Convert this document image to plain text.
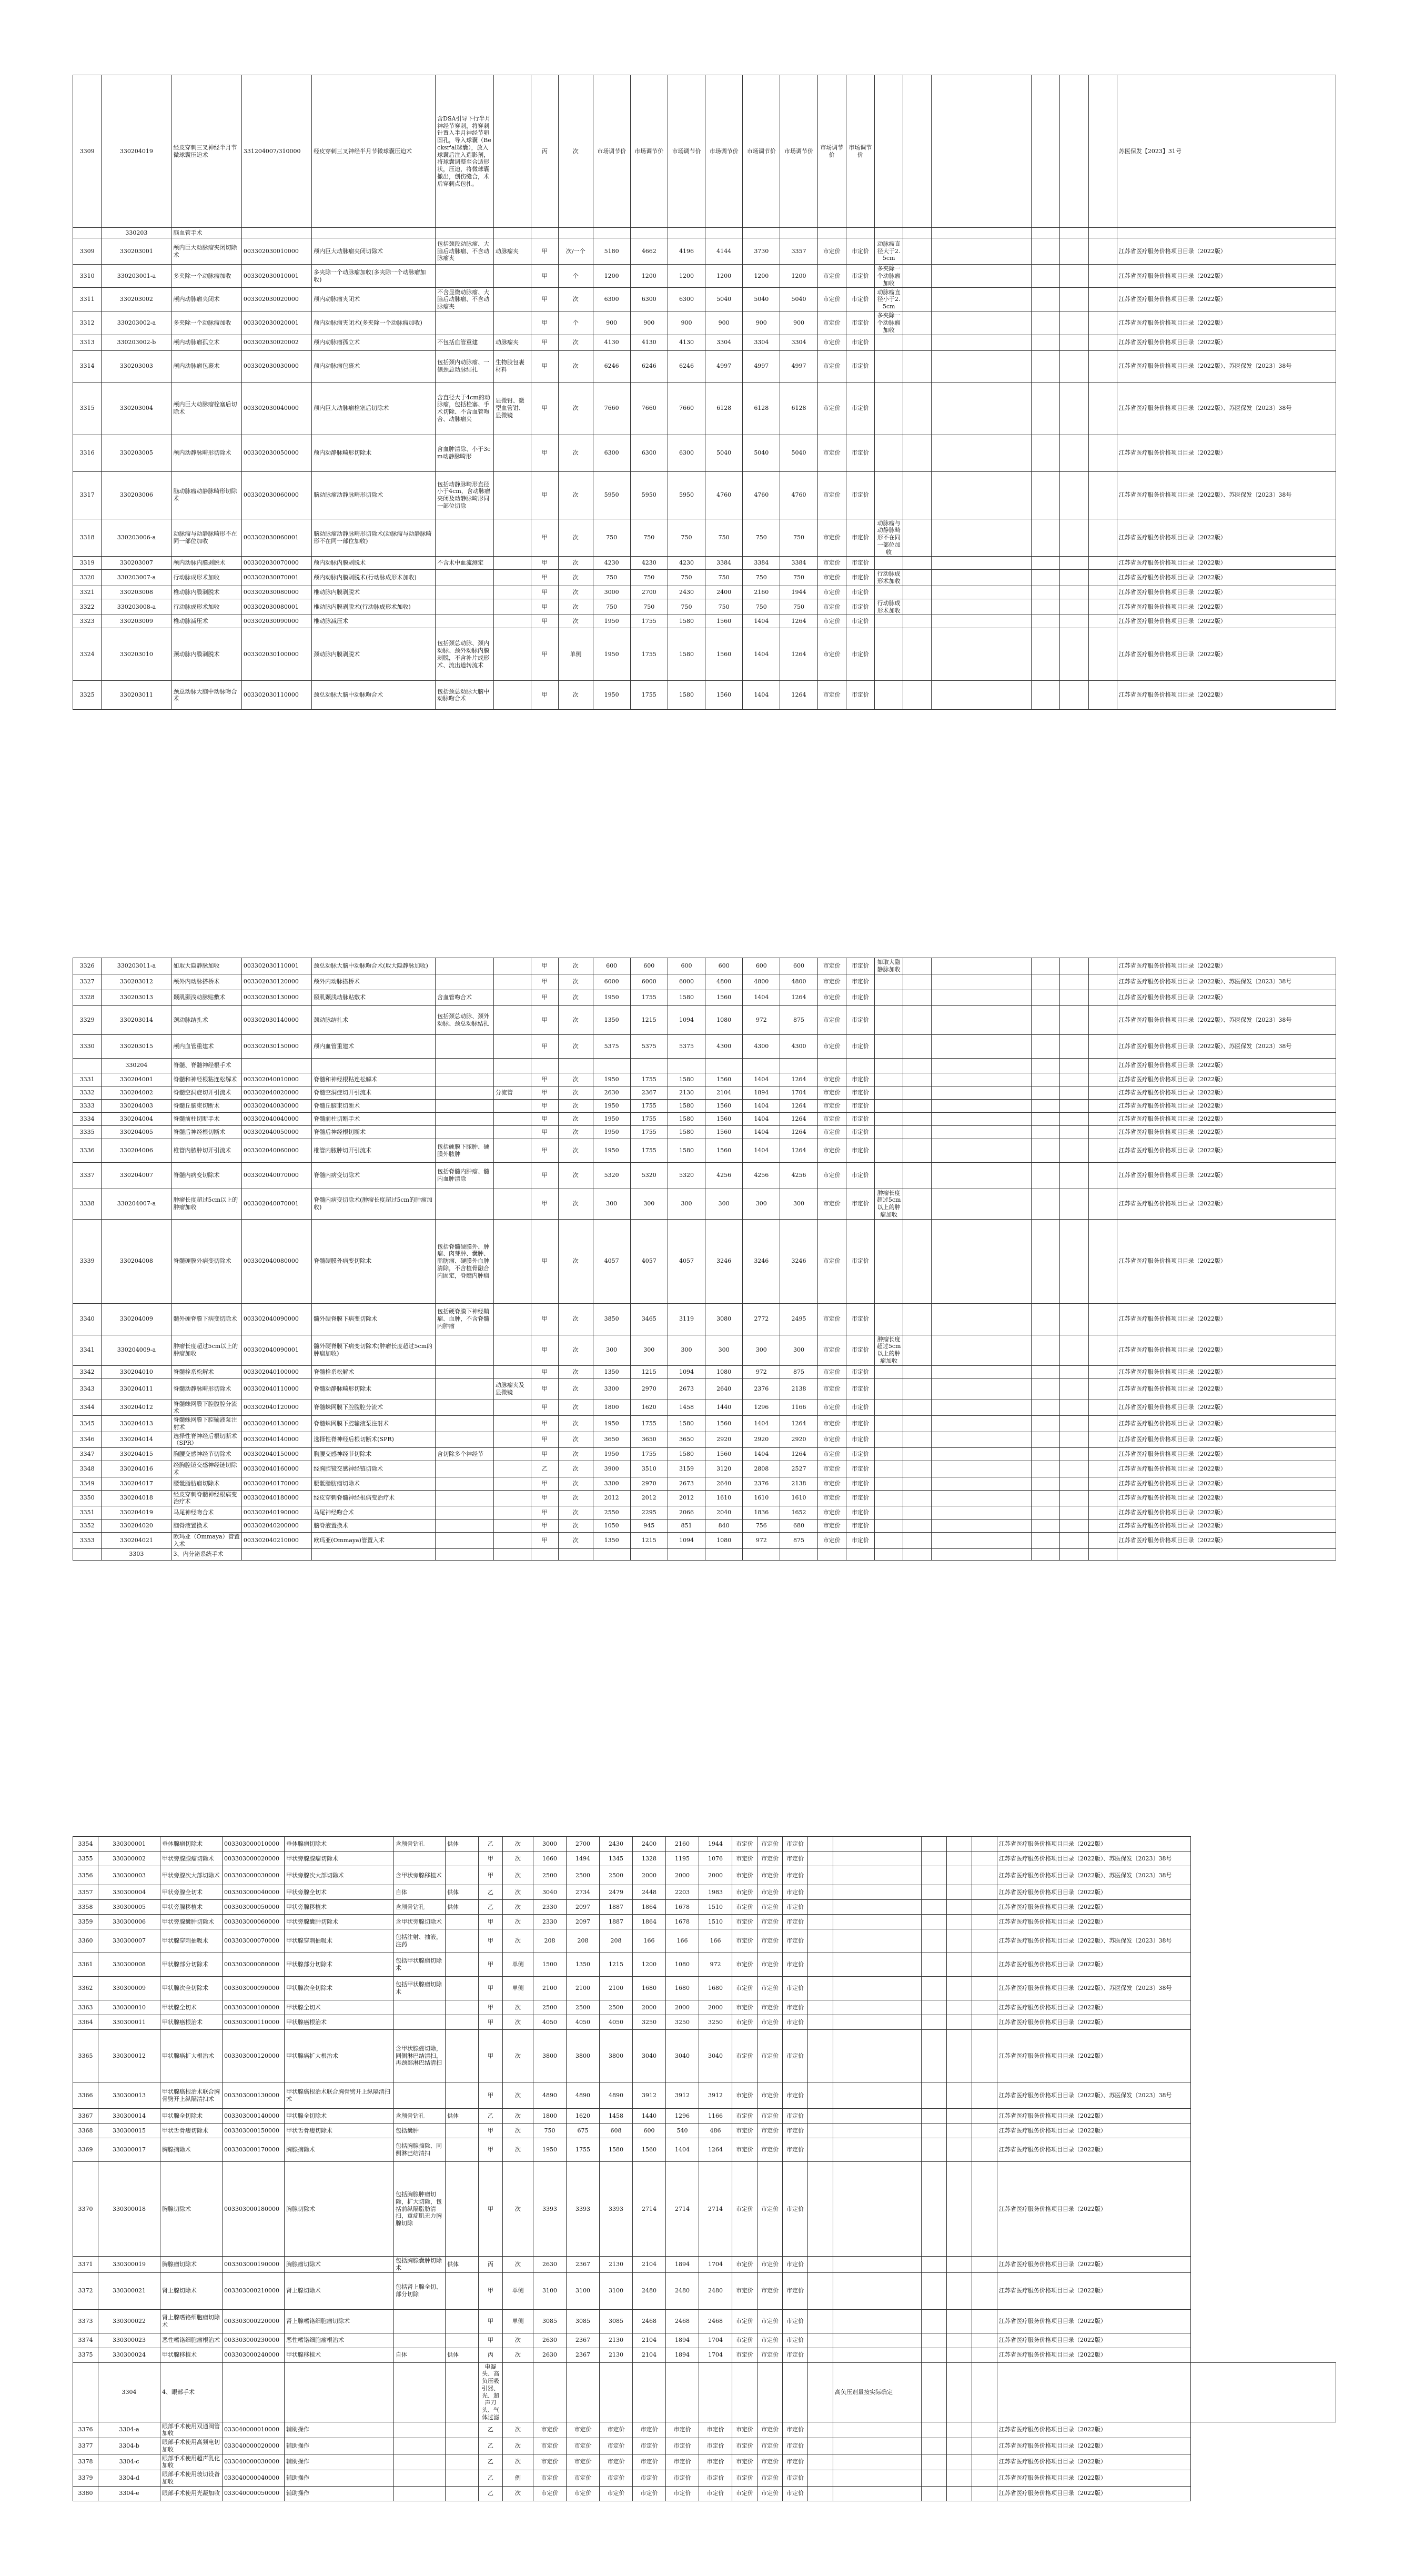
3309	330204019	经皮穿刺三叉神经半月节微球囊压迫术	331204007/310000	经皮穿刺三叉神经半月节微球囊压迫术	含DSA引导下行半月神经节穿刺，将穿刺针置入半月神经节卵圆孔，导入球囊（Becksr'al球囊），放入球囊后注入造影剂，将球囊调整至合适形状，压迫，将微球囊撤出，创伤缝合，术后穿刺点包扎。		丙	次	市场调节价	市场调节价	市场调节价	市场调节价	市场调节价	市场调节价	市场调节价	市场调节价							苏医保发【2023】31号
	330203	脑血管手术																					
3309	330203001	颅内巨大动脉瘤夹闭切除术	003302030010000	颅内巨大动脉瘤夹闭切除术	包括颈段动脉瘤、大脑后动脉瘤、不含动脉瘤夹	动脉瘤夹	甲	次/一个	5180	4662	4196	4144	3730	3357	市定价	市定价	动脉瘤直径大于2.5cm						江苏省医疗服务价格项目目录（2022版）
3310	330203001-a	多夹除一个动脉瘤加收	003302030010001	多夹除一个动脉瘤加收(多夹除一个动脉瘤加收)			甲	个	1200	1200	1200	1200	1200	1200	市定价	市定价	多夹除一个动脉瘤加收						江苏省医疗服务价格项目目录（2022版）
3311	330203002	颅内动脉瘤夹闭术	003302030020000	颅内动脉瘤夹闭术	不含显微动脉瘤、大脑后动脉瘤、不含动脉瘤夹		甲	次	6300	6300	6300	5040	5040	5040	市定价	市定价	动脉瘤直径小于2.5cm						江苏省医疗服务价格项目目录（2022版）
3312	330203002-a	多夹除一个动脉瘤加收	003302030020001	颅内动脉瘤夹闭术(多夹除一个动脉瘤加收)			甲	个	900	900	900	900	900	900	市定价	市定价	多夹除一个动脉瘤加收						江苏省医疗服务价格项目目录（2022版）
3313	330203002-b	颅内动脉瘤孤立术	003302030020002	颅内动脉瘤孤立术	不包括血管重建	动脉瘤夹	甲	次	4130	4130	4130	3304	3304	3304	市定价	市定价							江苏省医疗服务价格项目目录（2022版）
3314	330203003	颅内动脉瘤包裹术	003302030030000	颅内动脉瘤包裹术	包括颈内动脉瘤、一侧颈总动脉结扎	生物胶包裹材料	甲	次	6246	6246	6246	4997	4997	4997	市定价	市定价							江苏省医疗服务价格项目目录（2022版）、苏医保发〔2023〕38号
3315	330203004	颅内巨大动脉瘤栓塞后切除术	003302030040000	颅内巨大动脉瘤栓塞后切除术	含直径大于4cm的动脉瘤，包括栓塞、手术切除、不含血管吻合、动脉瘤夹	显微钳、微型血管钳、显微镜	甲	次	7660	7660	7660	6128	6128	6128	市定价	市定价							江苏省医疗服务价格项目目录（2022版）、苏医保发〔2023〕38号
3316	330203005	颅内动静脉畸形切除术	003302030050000	颅内动静脉畸形切除术	含血肿清除、小于3cm动静脉畸形		甲	次	6300	6300	6300	5040	5040	5040	市定价	市定价							江苏省医疗服务价格项目目录（2022版）
3317	330203006	脑动脉瘤动静脉畸形切除术	003302030060000	脑动脉瘤动静脉畸形切除术	包括动静脉畸形直径小于4cm，含动脉瘤夹闭及动静脉畸形同一部位切除		甲	次	5950	5950	5950	4760	4760	4760	市定价	市定价							江苏省医疗服务价格项目目录（2022版）、苏医保发〔2023〕38号
3318	330203006-a	动脉瘤与动静脉畸形不在同一部位加收	003302030060001	脑动脉瘤动静脉畸形切除术(动脉瘤与动静脉畸形不在同一部位加收)			甲	次	750	750	750	750	750	750	市定价	市定价	动脉瘤与动静脉畸形不在同一部位加收						江苏省医疗服务价格项目目录（2022版）
3319	330203007	颅内动脉内膜剥脱术	003302030070000	颅内动脉内膜剥脱术	不含术中血流测定		甲	次	4230	4230	4230	3384	3384	3384	市定价	市定价							江苏省医疗服务价格项目目录（2022版）
3320	330203007-a	行动脉成形术加收	003302030070001	颅内动脉内膜剥脱术(行动脉成形术加收)			甲	次	750	750	750	750	750	750	市定价	市定价	行动脉成形术加收						江苏省医疗服务价格项目目录（2022版）
3321	330203008	椎动脉内膜剥脱术	003302030080000	椎动脉内膜剥脱术			甲	次	3000	2700	2430	2400	2160	1944	市定价	市定价							江苏省医疗服务价格项目目录（2022版）
3322	330203008-a	行动脉成形术加收	003302030080001	椎动脉内膜剥脱术(行动脉成形术加收)			甲	次	750	750	750	750	750	750	市定价	市定价	行动脉成形术加收						江苏省医疗服务价格项目目录（2022版）
3323	330203009	椎动脉减压术	003302030090000	椎动脉减压术			甲	次	1950	1755	1580	1560	1404	1264	市定价	市定价							江苏省医疗服务价格项目目录（2022版）
3324	330203010	颈动脉内膜剥脱术	003302030100000	颈动脉内膜剥脱术	包括颈总动脉、颈内动脉、颈外动脉内膜剥脱，不含补片成形术、流出道转流术		甲	单侧	1950	1755	1580	1560	1404	1264	市定价	市定价							江苏省医疗服务价格项目目录（2022版）
3325	330203011	颈总动脉大脑中动脉吻合术	003302030110000	颈总动脉大脑中动脉吻合术	包括颈总动脉大脑中动脉吻合术		甲	次	1950	1755	1580	1560	1404	1264	市定价	市定价							江苏省医疗服务价格项目目录（2022版）
3326	330203011-a	如取大隐静脉加收	003302030110001	颈总动脉大脑中动脉吻合术(取大隐静脉加收)			甲	次	600	600	600	600	600	600	市定价	市定价	如取大隐静脉加收						江苏省医疗服务价格项目目录（2022版）
3327	330203012	颅外内动脉搭桥术	003302030120000	颅外内动脉搭桥术			甲	次	6000	6000	6000	4800	4800	4800	市定价	市定价							江苏省医疗服务价格项目目录（2022版）、苏医保发〔2023〕38号
3328	330203013	颞肌颞浅动脉贴敷术	003302030130000	颞肌颞浅动脉贴敷术	含血管吻合术		甲	次	1950	1755	1580	1560	1404	1264	市定价	市定价							江苏省医疗服务价格项目目录（2022版）
3329	330203014	颈动脉结扎术	003302030140000	颈动脉结扎术	包括颈总动脉、颈外动脉、颈总动脉结扎		甲	次	1350	1215	1094	1080	972	875	市定价	市定价							江苏省医疗服务价格项目目录（2022版）、苏医保发〔2023〕38号
3330	330203015	颅内血管重建术	003302030150000	颅内血管重建术			甲	次	5375	5375	5375	4300	4300	4300	市定价	市定价							江苏省医疗服务价格项目目录（2022版）、苏医保发〔2023〕38号
	330204	脊髓、脊髓神经根手术																					江苏省医疗服务价格项目目录（2022版）
3331	330204001	脊髓和神经根粘连松解术	003302040010000	脊髓和神经根粘连松解术			甲	次	1950	1755	1580	1560	1404	1264	市定价	市定价							江苏省医疗服务价格项目目录（2022版）
3332	330204002	脊髓空洞症切开引流术	003302040020000	脊髓空洞症切开引流术		分流管	甲	次	2630	2367	2130	2104	1894	1704	市定价	市定价							江苏省医疗服务价格项目目录（2022版）
3333	330204003	脊髓丘脑束切断术	003302040030000	脊髓丘脑束切断术			甲	次	1950	1755	1580	1560	1404	1264	市定价	市定价							江苏省医疗服务价格项目目录（2022版）
3334	330204004	脊髓前柱切断手术	003302040040000	脊髓前柱切断手术			甲	次	1950	1755	1580	1560	1404	1264	市定价	市定价							江苏省医疗服务价格项目目录（2022版）
3335	330204005	脊髓后神经根切断术	003302040050000	脊髓后神经根切断术			甲	次	1950	1755	1580	1560	1404	1264	市定价	市定价							江苏省医疗服务价格项目目录（2022版）
3336	330204006	椎管内脓肿切开引流术	003302040060000	椎管内脓肿切开引流术	包括硬膜下脓肿、硬膜外脓肿		甲	次	1950	1755	1580	1560	1404	1264	市定价	市定价							江苏省医疗服务价格项目目录（2022版）
3337	330204007	脊髓内病变切除术	003302040070000	脊髓内病变切除术	包括脊髓内肿瘤、髓内血肿清除		甲	次	5320	5320	5320	4256	4256	4256	市定价	市定价							江苏省医疗服务价格项目目录（2022版）
3338	330204007-a	肿瘤长度超过5cm以上的肿瘤加收	003302040070001	脊髓内病变切除术(肿瘤长度超过5cm的肿瘤加收)			甲	次	300	300	300	300	300	300	市定价	市定价	肿瘤长度超过5cm以上的肿瘤加收						江苏省医疗服务价格项目目录（2022版）
3339	330204008	脊髓硬膜外病变切除术	003302040080000	脊髓硬膜外病变切除术	包括脊髓硬膜外、肿瘤、肉芽肿、囊肿、脂肪瘤、硬膜外血肿清除，不含植骨融合内固定，脊髓内肿瘤		甲	次	4057	4057	4057	3246	3246	3246	市定价	市定价							江苏省医疗服务价格项目目录（2022版）
3340	330204009	髓外硬脊膜下病变切除术	003302040090000	髓外硬脊膜下病变切除术	包括硬脊膜下神经鞘瘤、血肿，不含脊髓内肿瘤		甲	次	3850	3465	3119	3080	2772	2495	市定价	市定价							江苏省医疗服务价格项目目录（2022版）
3341	330204009-a	肿瘤长度超过5cm以上的肿瘤加收	003302040090001	髓外硬脊膜下病变切除术(肿瘤长度超过5cm的肿瘤加收)			甲	次	300	300	300	300	300	300	市定价	市定价	肿瘤长度超过5cm以上的肿瘤加收						江苏省医疗服务价格项目目录（2022版）
3342	330204010	脊髓栓系松解术	003302040100000	脊髓栓系松解术			甲	次	1350	1215	1094	1080	972	875	市定价	市定价							江苏省医疗服务价格项目目录（2022版）
3343	330204011	脊髓动静脉畸形切除术	003302040110000	脊髓动静脉畸形切除术		动脉瘤夹及显微镜	甲	次	3300	2970	2673	2640	2376	2138	市定价	市定价							江苏省医疗服务价格项目目录（2022版）
3344	330204012	脊髓蛛网膜下腔腹腔分流术	003302040120000	脊髓蛛网膜下腔腹腔分流术			甲	次	1800	1620	1458	1440	1296	1166	市定价	市定价							江苏省医疗服务价格项目目录（2022版）
3345	330204013	脊髓蛛网膜下腔输液泵注射术	003302040130000	脊髓蛛网膜下腔输液泵注射术			甲	次	1950	1755	1580	1560	1404	1264	市定价	市定价							江苏省医疗服务价格项目目录（2022版）
3346	330204014	选择性脊神经后根切断术（SPR）	003302040140000	选择性脊神经后根切断术(SPR)			甲	次	3650	3650	3650	2920	2920	2920	市定价	市定价							江苏省医疗服务价格项目目录（2022版）
3347	330204015	胸腰交感神经节切除术	003302040150000	胸腰交感神经节切除术	含切除多个神经节		甲	次	1950	1755	1580	1560	1404	1264	市定价	市定价							江苏省医疗服务价格项目目录（2022版）
3348	330204016	经胸腔镜交感神经链切除术	003302040160000	经胸腔镜交感神经链切除术			乙	次	3900	3510	3159	3120	2808	2527	市定价	市定价							江苏省医疗服务价格项目目录（2022版）
3349	330204017	腰骶脂肪瘤切除术	003302040170000	腰骶脂肪瘤切除术			甲	次	3300	2970	2673	2640	2376	2138	市定价	市定价							江苏省医疗服务价格项目目录（2022版）
3350	330204018	经皮穿刺脊髓神经根病变治疗术	003302040180000	经皮穿刺脊髓神经根病变治疗术			甲	次	2012	2012	2012	1610	1610	1610	市定价	市定价							江苏省医疗服务价格项目目录（2022版）
3351	330204019	马尾神经吻合术	003302040190000	马尾神经吻合术			甲	次	2550	2295	2066	2040	1836	1652	市定价	市定价							江苏省医疗服务价格项目目录（2022版）
3352	330204020	脑脊液置换术	003302040200000	脑脊液置换术			甲	次	1050	945	851	840	756	680	市定价	市定价							江苏省医疗服务价格项目目录（2022版）
3353	330204021	欧玛亚（Ommaya）管置入术	003302040210000	欧玛亚(Ommaya)管置入术			甲	次	1350	1215	1094	1080	972	875	市定价	市定价							江苏省医疗服务价格项目目录（2022版）
	3303	3、内分泌系统手术																					
3354	330300001	垂体腺瘤切除术	003303000010000	垂体腺瘤切除术	含颅骨钻孔	供体	乙	次	3000	2700	2430	2400	2160	1944	市定价	市定价	市定价						江苏省医疗服务价格项目目录（2022版）	
3355	330300002	甲状旁腺腺瘤切除术	003303000020000	甲状旁腺腺瘤切除术			甲	次	1660	1494	1345	1328	1195	1076	市定价	市定价	市定价						江苏省医疗服务价格项目目录（2022版）、苏医保发〔2023〕38号	
3356	330300003	甲状旁腺次大部切除术	003303000030000	甲状旁腺次大部切除术	含甲状旁腺移植术		甲	次	2500	2500	2500	2000	2000	2000	市定价	市定价	市定价						江苏省医疗服务价格项目目录（2022版）、苏医保发〔2023〕38号	
3357	330300004	甲状旁腺全切术	003303000040000	甲状旁腺全切术	自体	供体	乙	次	3040	2734	2479	2448	2203	1983	市定价	市定价	市定价						江苏省医疗服务价格项目目录（2022版）	
3358	330300005	甲状旁腺移植术	003303000050000	甲状旁腺移植术	含颅骨钻孔	供体	乙	次	2330	2097	1887	1864	1678	1510	市定价	市定价	市定价						江苏省医疗服务价格项目目录（2022版）	
3359	330300006	甲状旁腺囊肿切除术	003303000060000	甲状旁腺囊肿切除术	含甲状旁腺切除术		甲	次	2330	2097	1887	1864	1678	1510	市定价	市定价	市定价						江苏省医疗服务价格项目目录（2022版）	
3360	330300007	甲状腺穿刺抽吸术	003303000070000	甲状腺穿刺抽吸术	包括注射、抽液，注药		甲	次	208	208	208	166	166	166	市定价	市定价	市定价						江苏省医疗服务价格项目目录（2022版）、苏医保发〔2023〕38号	
3361	330300008	甲状腺部分切除术	003303000080000	甲状腺部分切除术	包括甲状腺瘤切除术		甲	单侧	1500	1350	1215	1200	1080	972	市定价	市定价	市定价						江苏省医疗服务价格项目目录（2022版）	
3362	330300009	甲状腺次全切除术	003303000090000	甲状腺次全切除术	包括甲状腺瘤切除术		甲	单侧	2100	2100	2100	1680	1680	1680	市定价	市定价	市定价						江苏省医疗服务价格项目目录（2022版）、苏医保发〔2023〕38号	
3363	330300010	甲状腺全切术	003303000100000	甲状腺全切术			甲	次	2500	2500	2500	2000	2000	2000	市定价	市定价	市定价						江苏省医疗服务价格项目目录（2022版）	
3364	330300011	甲状腺癌根治术	003303000110000	甲状腺癌根治术			甲	次	4050	4050	4050	3250	3250	3250	市定价	市定价	市定价						江苏省医疗服务价格项目目录（2022版）	
3365	330300012	甲状腺癌扩大根治术	003303000120000	甲状腺癌扩大根治术	含甲状腺癌切除，同侧淋巴结清扫，再颈部淋巴结清扫		甲	次	3800	3800	3800	3040	3040	3040	市定价	市定价	市定价						江苏省医疗服务价格项目目录（2022版）	
3366	330300013	甲状腺癌根治术联合胸骨劈开上纵隔清扫术	003303000130000	甲状腺癌根治术联合胸骨劈开上纵隔清扫术			甲	次	4890	4890	4890	3912	3912	3912	市定价	市定价	市定价						江苏省医疗服务价格项目目录（2022版）、苏医保发〔2023〕38号	
3367	330300014	甲状腺全切除术	003303000140000	甲状腺全切除术	含颅骨钻孔	供体	乙	次	1800	1620	1458	1440	1296	1166	市定价	市定价	市定价						江苏省医疗服务价格项目目录（2022版）	
3368	330300015	甲状舌骨瘘切除术	003303000150000	甲状舌骨瘘切除术	包括囊肿		甲	次	750	675	608	600	540	486	市定价	市定价	市定价						江苏省医疗服务价格项目目录（2022版）	
3369	330300017	胸腺摘除术	003303000170000	胸腺摘除术	包括胸腺摘除、同侧淋巴结清扫		甲	次	1950	1755	1580	1560	1404	1264	市定价	市定价	市定价						江苏省医疗服务价格项目目录（2022版）	
3370	330300018	胸腺切除术	003303000180000	胸腺切除术	包括胸腺肿瘤切除，扩大切除，包括前纵隔脂肪清扫，重症肌无力胸腺切除		甲	次	3393	3393	3393	2714	2714	2714	市定价	市定价	市定价						江苏省医疗服务价格项目目录（2022版）	
3371	330300019	胸腺瘤切除术	003303000190000	胸腺瘤切除术	包括胸腺囊肿切除术	供体	丙	次	2630	2367	2130	2104	1894	1704	市定价	市定价	市定价						江苏省医疗服务价格项目目录（2022版）	
3372	330300021	肾上腺切除术	003303000210000	肾上腺切除术	包括肾上腺全切、部分切除		甲	单侧	3100	3100	3100	2480	2480	2480	市定价	市定价	市定价						江苏省医疗服务价格项目目录（2022版）	
3373	330300022	肾上腺嗜铬细胞瘤切除术	003303000220000	肾上腺嗜铬细胞瘤切除术			甲	单侧	3085	3085	3085	2468	2468	2468	市定价	市定价	市定价						江苏省医疗服务价格项目目录（2022版）	
3374	330300023	恶性嗜铬细胞瘤根治术	003303000230000	恶性嗜铬细胞瘤根治术			甲	次	2630	2367	2130	2104	1894	1704	市定价	市定价	市定价						江苏省医疗服务价格项目目录（2022版）	
3375	330300024	甲状腺移植术	003303000240000	甲状腺移植术	自体	供体	丙	次	2630	2367	2130	2104	1894	1704	市定价	市定价	市定价						江苏省医疗服务价格项目目录（2022版）	
	3304	4、眼部手术					电凝头、高负压吸引器、光、超声刀头、气体过滤												高负压剂量按实际确定					
3376	3304-a	眼部手术使用双通阀管加收	033040000010000	辅助操作			乙	次	市定价	市定价	市定价	市定价	市定价	市定价	市定价	市定价	市定价						江苏省医疗服务价格项目目录（2022版）	
3377	3304-b	眼部手术使用高频电切加收	033040000020000	辅助操作			乙	次	市定价	市定价	市定价	市定价	市定价	市定价	市定价	市定价	市定价						江苏省医疗服务价格项目目录（2022版）	
3378	3304-c	眼部手术使用超声乳化加收	033040000030000	辅助操作			乙	次	市定价	市定价	市定价	市定价	市定价	市定价	市定价	市定价	市定价						江苏省医疗服务价格项目目录（2022版）	
3379	3304-d	眼部手术使用玻切设备加收	033040000040000	辅助操作			乙	例	市定价	市定价	市定价	市定价	市定价	市定价	市定价	市定价	市定价						江苏省医疗服务价格项目目录（2022版）	
3380	3304-e	眼部手术使用光凝加收	033040000050000	辅助操作			乙	次	市定价	市定价	市定价	市定价	市定价	市定价	市定价	市定价	市定价						江苏省医疗服务价格项目目录（2022版）	
